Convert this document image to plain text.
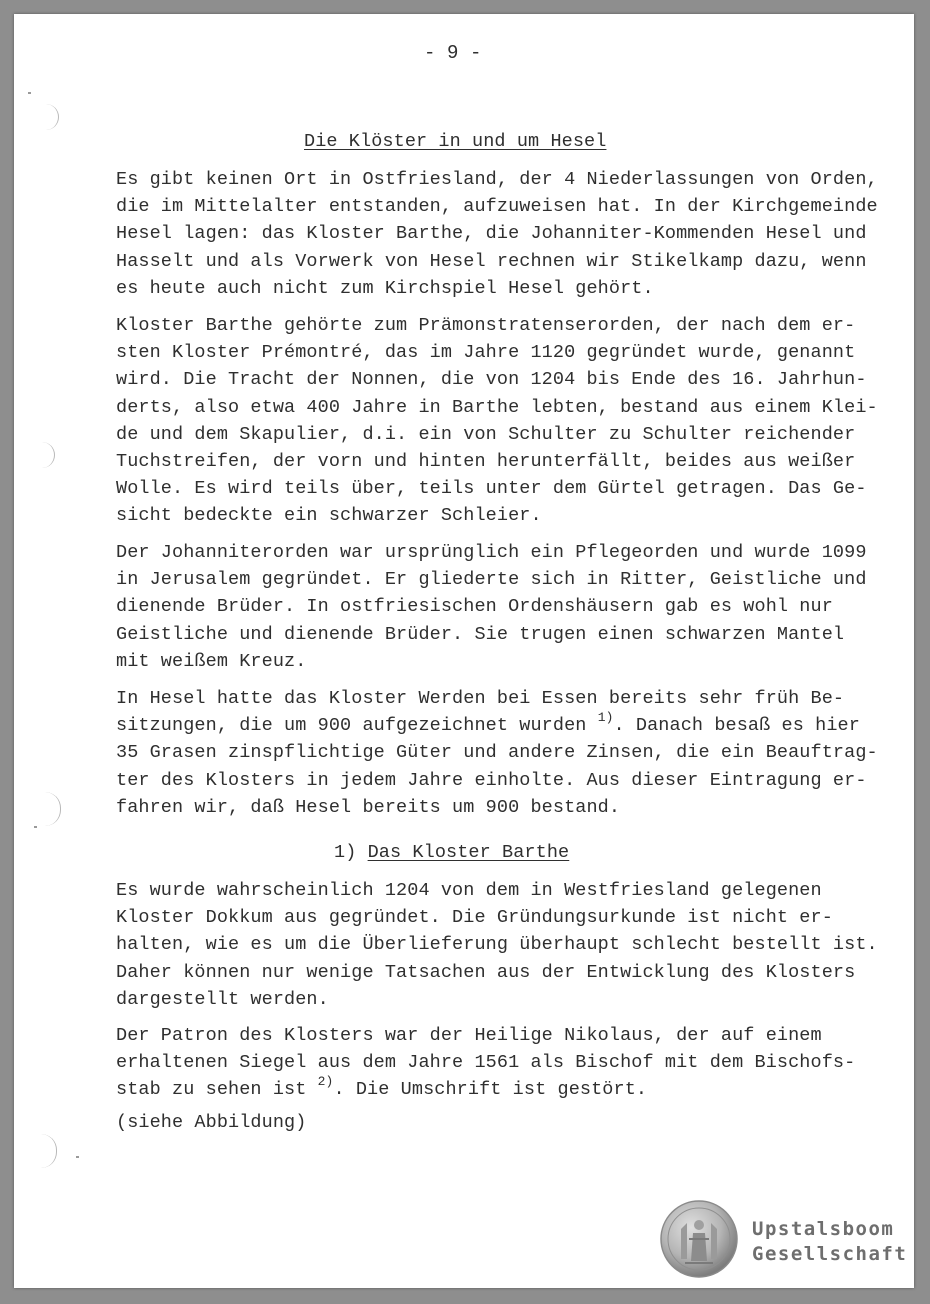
- 9 -
Die Klöster in und um Hesel
Es gibt keinen Ort in Ostfriesland, der 4 Niederlassungen von Orden,
die im Mittelalter entstanden, aufzuweisen hat. In der Kirchgemeinde
Hesel lagen: das Kloster Barthe, die Johanniter-Kommenden Hesel und
Hasselt und als Vorwerk von Hesel rechnen wir Stikelkamp dazu, wenn
es heute auch nicht zum Kirchspiel Hesel gehört.
Kloster Barthe gehörte zum Prämonstratenserorden, der nach dem er-
sten Kloster Prémontré, das im Jahre 1120 gegründet wurde, genannt
wird. Die Tracht der Nonnen, die von 1204 bis Ende des 16. Jahrhun-
derts, also etwa 400 Jahre in Barthe lebten, bestand aus einem Klei-
de und dem Skapulier, d.i. ein von Schulter zu Schulter reichender
Tuchstreifen, der vorn und hinten herunterfällt, beides aus weißer
Wolle. Es wird teils über, teils unter dem Gürtel getragen. Das Ge-
sicht bedeckte ein schwarzer Schleier.
Der Johanniterorden war ursprünglich ein Pflegeorden und wurde 1099
in Jerusalem gegründet. Er gliederte sich in Ritter, Geistliche und
dienende Brüder. In ostfriesischen Ordenshäusern gab es wohl nur
Geistliche und dienende Brüder. Sie trugen einen schwarzen Mantel
mit weißem Kreuz.
In Hesel hatte das Kloster Werden bei Essen bereits sehr früh Be-
sitzungen, die um 900 aufgezeichnet wurden $^{1)}$. Danach besaß es hier
35 Grasen zinspflichtige Güter und andere Zinsen, die ein Beauftrag-
ter des Klosters in jedem Jahre einholte. Aus dieser Eintragung er-
fahren wir, daß Hesel bereits um 900 bestand.
1) Das Kloster Barthe
Es wurde wahrscheinlich 1204 von dem in Westfriesland gelegenen
Kloster Dokkum aus gegründet. Die Gründungsurkunde ist nicht er-
halten, wie es um die Überlieferung überhaupt schlecht bestellt ist.
Daher können nur wenige Tatsachen aus der Entwicklung des Klosters
dargestellt werden.
Der Patron des Klosters war der Heilige Nikolaus, der auf einem
erhaltenen Siegel aus dem Jahre 1561 als Bischof mit dem Bischofs-
stab zu sehen ist $^{2)}$. Die Umschrift ist gestört.
(siehe Abbildung)
Upstalsboom
Gesellschaft
